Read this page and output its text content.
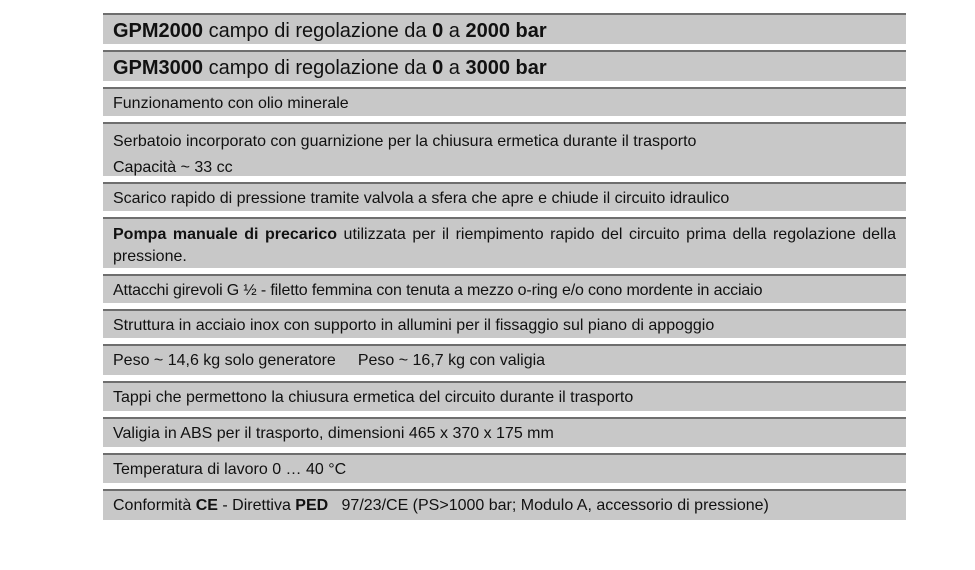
GPM2000 campo di regolazione da 0 a 2000 bar
GPM3000 campo di regolazione da 0 a 3000 bar
Funzionamento con olio minerale
Serbatoio incorporato con guarnizione per la chiusura ermetica durante il trasporto
Capacità ~ 33 cc
Scarico rapido di pressione tramite valvola a sfera che apre e chiude il circuito idraulico
Pompa manuale di precarico utilizzata per il riempimento rapido del circuito prima della regolazione della pressione.
Attacchi girevoli G ½ - filetto femmina con tenuta a mezzo o-ring e/o cono mordente in acciaio
Struttura in acciaio inox con supporto in allumini per il fissaggio sul piano di appoggio
Peso ~ 14,6 kg solo generatore Peso ~ 16,7 kg con valigia
Tappi che permettono la chiusura ermetica del circuito durante il trasporto
Valigia in ABS per il trasporto, dimensioni 465 x 370 x 175 mm
Temperatura di lavoro 0 … 40 °C
Conformità CE - Direttiva PED   97/23/CE (PS>1000 bar; Modulo A, accessorio di pressione)
